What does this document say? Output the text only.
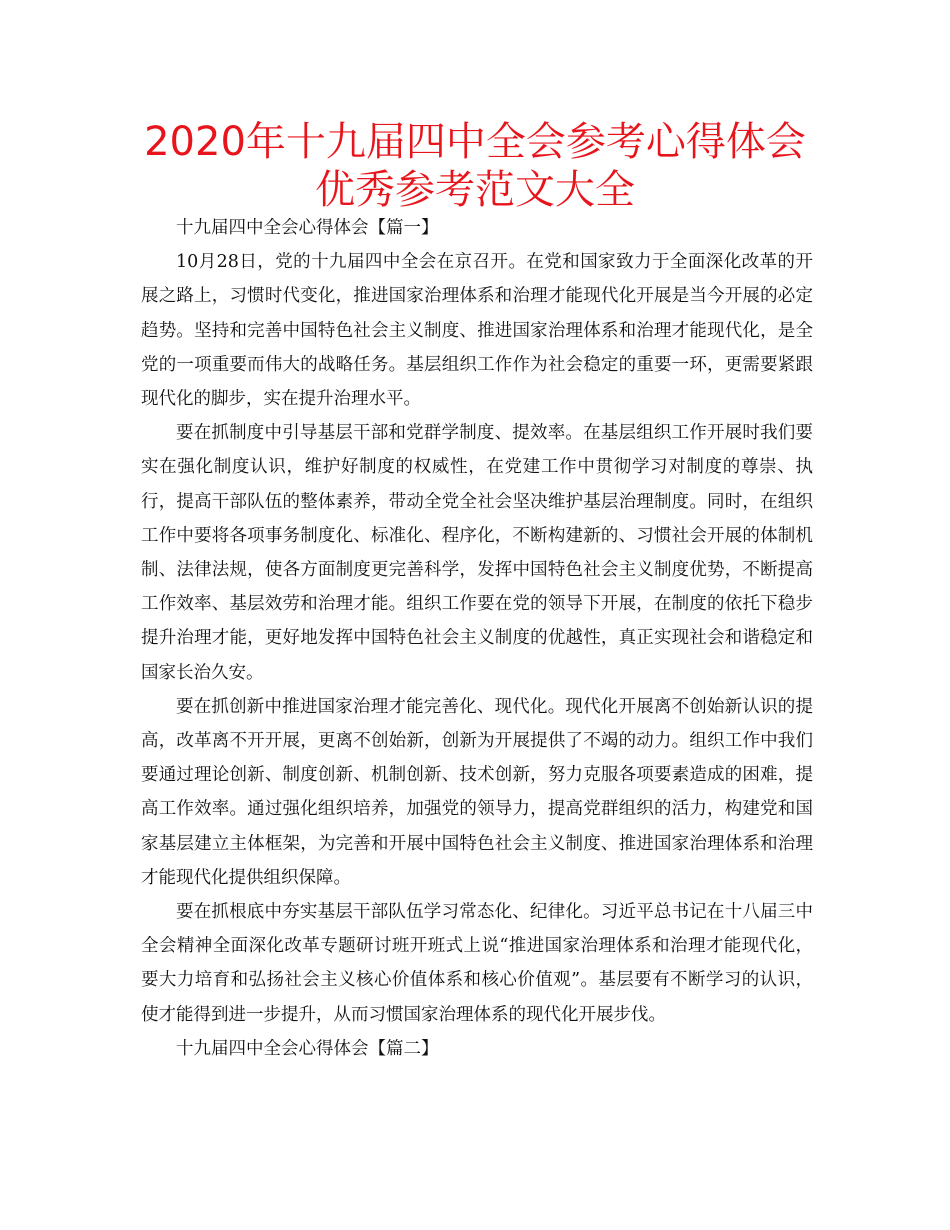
2020年十九届四中全会参考心得体会优秀参考范文大全

十九届四中全会心得体会【篇一】

10月28日，党的十九届四中全会在京召开。在党和国家致力于全面深化改革的开展之路上，习惯时代变化，推进国家治理体系和治理才能现代化开展是当今开展的必定趋势。坚持和完善中国特色社会主义制度、推进国家治理体系和治理才能现代化，是全党的一项重要而伟大的战略任务。基层组织工作作为社会稳定的重要一环，更需要紧跟现代化的脚步，实在提升治理水平。

要在抓制度中引导基层干部和党群学制度、提效率。在基层组织工作开展时我们要实在强化制度认识，维护好制度的权威性，在党建工作中贯彻学习对制度的尊崇、执行，提高干部队伍的整体素养，带动全党全社会坚决维护基层治理制度。同时，在组织工作中要将各项事务制度化、标准化、程序化，不断构建新的、习惯社会开展的体制机制、法律法规，使各方面制度更完善科学，发挥中国特色社会主义制度优势，不断提高工作效率、基层效劳和治理才能。组织工作要在党的领导下开展，在制度的依托下稳步提升治理才能，更好地发挥中国特色社会主义制度的优越性，真正实现社会和谐稳定和国家长治久安。

要在抓创新中推进国家治理才能完善化、现代化。现代化开展离不创始新认识的提高，改革离不开开展，更离不创始新，创新为开展提供了不竭的动力。组织工作中我们要通过理论创新、制度创新、机制创新、技术创新，努力克服各项要素造成的困难，提高工作效率。通过强化组织培养，加强党的领导力，提高党群组织的活力，构建党和国家基层建立主体框架，为完善和开展中国特色社会主义制度、推进国家治理体系和治理才能现代化提供组织保障。

要在抓根底中夯实基层干部队伍学习常态化、纪律化。习近平总书记在十八届三中全会精神全面深化改革专题研讨班开班式上说“推进国家治理体系和治理才能现代化，要大力培育和弘扬社会主义核心价值体系和核心价值观”。基层要有不断学习的认识，使才能得到进一步提升，从而习惯国家治理体系的现代化开展步伐。

十九届四中全会心得体会【篇二】
